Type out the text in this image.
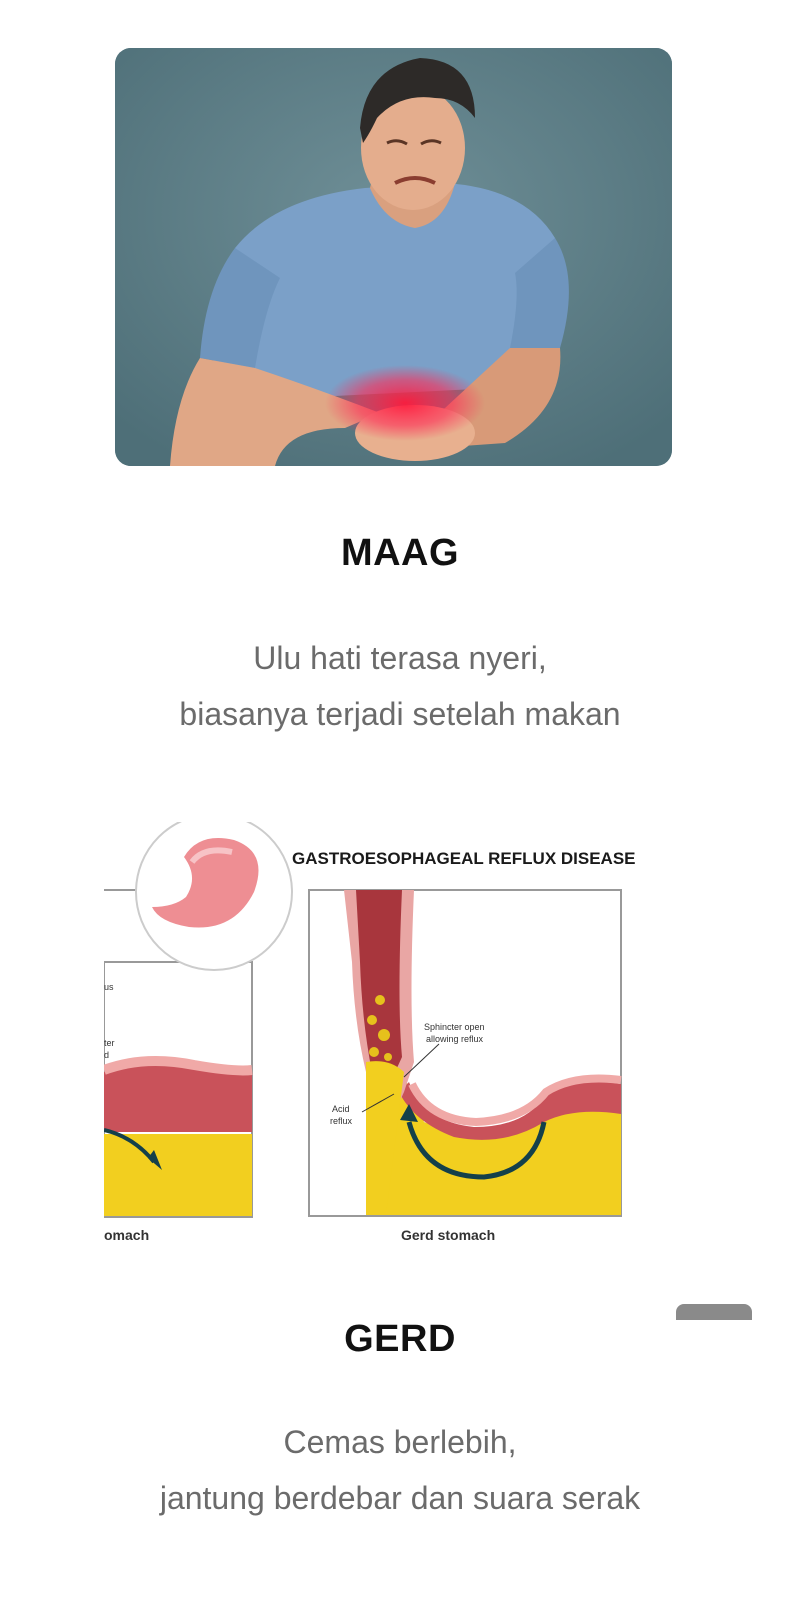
MAAG
Ulu hati terasa nyeri,
biasanya terjadi setelah makan
us
ter
d
omach
GASTROESOPHAGEAL REFLUX DISEASE
Sphincter open
allowing reflux
Acid
reflux
Gerd stomach
GERD
Cemas berlebih,
jantung berdebar dan suara serak
